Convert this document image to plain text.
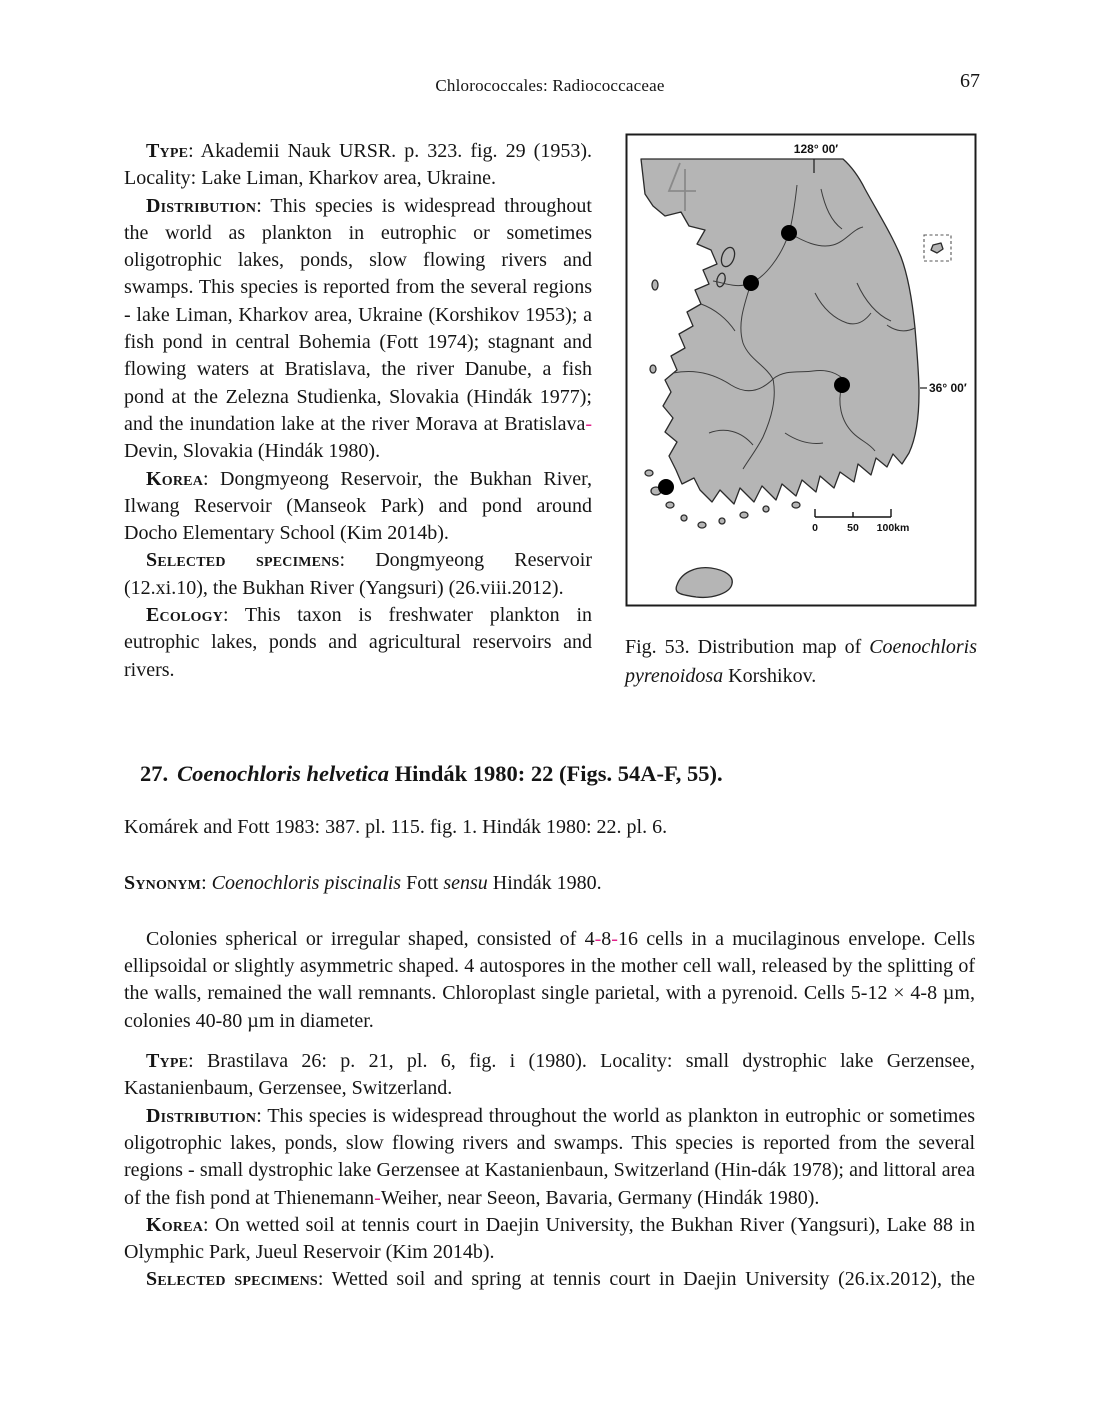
Chlorococcales: Radiococcaceae	67

Type: Akademii Nauk URSR. p. 323. fig. 29 (1953). Locality: Lake Liman, Kharkov area, Ukraine.

Distribution: This species is widespread throughout the world as plankton in eutrophic or sometimes oligotrophic lakes, ponds, slow flowing rivers and swamps. This species is reported from the several regions - lake Liman, Kharkov area, Ukraine (Korshikov 1953); a fish pond in central Bohemia (Fott 1974); stagnant and flowing waters at Bratislava, the river Danube, a fish pond at the Zelezna Studienka, Slovakia (Hindák 1977); and the inundation lake at the river Morava at Bratislava-Devin, Slovakia (Hindák 1980).

Korea: Dongmyeong Reservoir, the Bukhan River, Ilwang Reservoir (Manseok Park) and pond around Docho Elementary School (Kim 2014b).

Selected specimens: Dongmyeong Reservoir (12.xi.10), the Bukhan River (Yangsuri) (26.viii.2012).

Ecology: This taxon is freshwater plankton in eutrophic lakes, ponds and agricultural reservoirs and rivers.

128° 00′
36° 00′
0	50 100km
Fig. 53. Distribution map of Coenochloris pyrenoidosa Korshikov.
27. Coenochloris helvetica Hindák 1980: 22 (Figs. 54A-F, 55).

Komárek and Fott 1983: 387. pl. 115. fig. 1. Hindák 1980: 22. pl. 6.

Synonym: Coenochloris piscinalis Fott sensu Hindák 1980.

Colonies spherical or irregular shaped, consisted of 4-8-16 cells in a mucilaginous envelope. Cells ellipsoidal or slightly asymmetric shaped. 4 autospores in the mother cell wall, released by the splitting of the walls, remained the wall remnants. Chloroplast single parietal, with a pyrenoid. Cells 5-12 × 4-8 µm, colonies 40-80 µm in diameter.

Type: Brastilava 26: p. 21, pl. 6, fig. i (1980). Locality: small dystrophic lake Gerzensee, Kastanienbaum, Gerzensee, Switzerland.

Distribution: This species is widespread throughout the world as plankton in eutrophic or sometimes oligotrophic lakes, ponds, slow flowing rivers and swamps. This species is reported from the several regions - small dystrophic lake Gerzensee at Kastanienbaun, Switzerland (Hin-dák 1978); and littoral area of the fish pond at Thienemann-Weiher, near Seeon, Bavaria, Germany (Hindák 1980).

Korea: On wetted soil at tennis court in Daejin University, the Bukhan River (Yangsuri), Lake 88 in Olymphic Park, Jueul Reservoir (Kim 2014b).

Selected specimens: Wetted soil and spring at tennis court in Daejin University (26.ix.2012), the
